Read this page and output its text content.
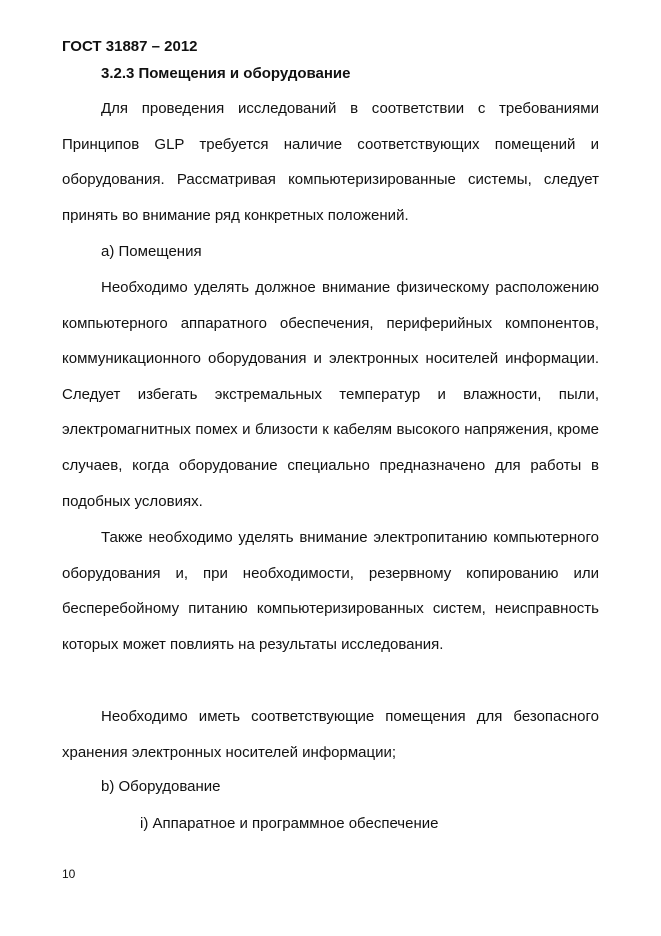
ГОСТ 31887 – 2012
3.2.3 Помещения и оборудование

Для проведения исследований в соответствии с требованиями Принципов GLP требуется наличие соответствующих помещений и оборудования. Рассматривая компьютеризированные системы, следует принять во внимание ряд конкретных положений.

а) Помещения

Необходимо уделять должное внимание физическому расположению компьютерного аппаратного обеспечения, периферийных компонентов, коммуникационного оборудования и электронных носителей информации. Следует избегать экстремальных температур и влажности, пыли, электромагнитных помех и близости к кабелям высокого напряжения, кроме случаев, когда оборудование специально предназначено для работы в подобных условиях.

Также необходимо уделять внимание электропитанию компьютерного оборудования и, при необходимости, резервному копированию или бесперебойному питанию компьютеризированных систем, неисправность которых может повлиять на результаты исследования.

Необходимо иметь соответствующие помещения для безопасного хранения электронных носителей информации;

b) Оборудование

i) Аппаратное и программное обеспечение

10
